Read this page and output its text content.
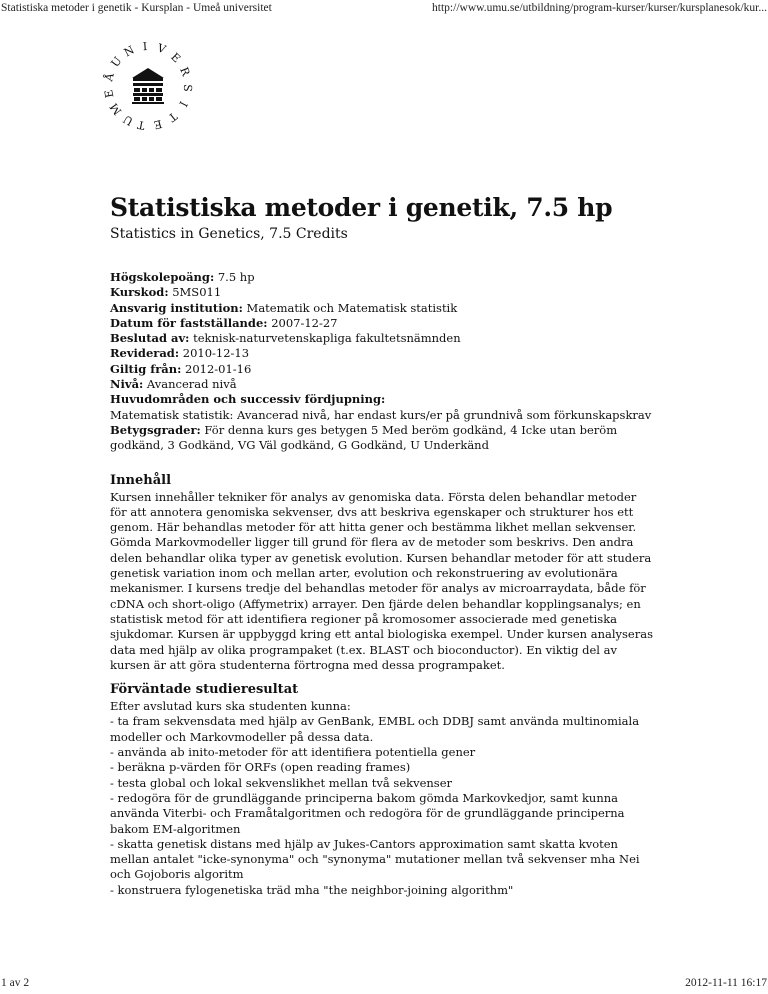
Statistiska metoder i genetik - Kursplan - Umeå universitet	http://www.umu.se/utbildning/program-kurser/kurser/kursplanesok/kur...
U
M
E
Å
U
N I V
E
R
S
I
T
E
T
Statistiska metoder i genetik, 7.5 hp
Statistics in Genetics, 7.5 Credits

Högskolepoäng: 7.5 hp

Kurskod: 5MS011

Ansvarig institution: Matematik och Matematisk statistik

Datum för fastställande: 2007-12-27

Beslutad av: teknisk-naturvetenskapliga fakultetsnämnden

Reviderad: 2010-12-13

Giltig från: 2012-01-16

Nivå: Avancerad nivå

Huvudområden och successiv fördjupning:

Matematisk statistik: Avancerad nivå, har endast kurs/er på grundnivå som förkunskapskrav

Betygsgrader: För denna kurs ges betygen 5 Med beröm godkänd, 4 Icke utan beröm godkänd, 3 Godkänd, VG Väl godkänd, G Godkänd, U Underkänd

Innehåll

Kursen innehåller tekniker för analys av genomiska data. Första delen behandlar metoder för att annotera genomiska sekvenser, dvs att beskriva egenskaper och strukturer hos ett genom. Här behandlas metoder för att hitta gener och bestämma likhet mellan sekvenser. Gömda Markovmodeller ligger till grund för flera av de metoder som beskrivs. Den andra delen behandlar olika typer av genetisk evolution. Kursen behandlar metoder för att studera genetisk variation inom och mellan arter, evolution och rekonstruering av evolutionära mekanismer. I kursens tredje del behandlas metoder för analys av microarraydata, både för cDNA och short-oligo (Affymetrix) arrayer. Den fjärde delen behandlar kopplingsanalys; en statistisk metod för att identifiera regioner på kromosomer associerade med genetiska sjukdomar. Kursen är uppbyggd kring ett antal biologiska exempel. Under kursen analyseras data med hjälp av olika programpaket (t.ex. BLAST och bioconductor). En viktig del av kursen är att göra studenterna förtrogna med dessa programpaket.

Förväntade studieresultat

Efter avslutad kurs ska studenten kunna:

- ta fram sekvensdata med hjälp av GenBank, EMBL och DDBJ samt använda multinomiala modeller och Markovmodeller på dessa data.
- använda ab inito-metoder för att identifiera potentiella gener
- beräkna p-värden för ORFs (open reading frames)
- testa global och lokal sekvenslikhet mellan två sekvenser
- redogöra för de grundläggande principerna bakom gömda Markovkedjor, samt kunna använda Viterbi- och Framåtalgoritmen och redogöra för de grundläggande principerna bakom EM-algoritmen
- skatta genetisk distans med hjälp av Jukes-Cantors approximation samt skatta kvoten mellan antalet "icke-synonyma" och "synonyma" mutationer mellan två sekvenser mha Nei och Gojoboris algoritm
- konstruera fylogenetiska träd mha "the neighbor-joining algorithm"
1 av 2	2012-11-11 16:17
